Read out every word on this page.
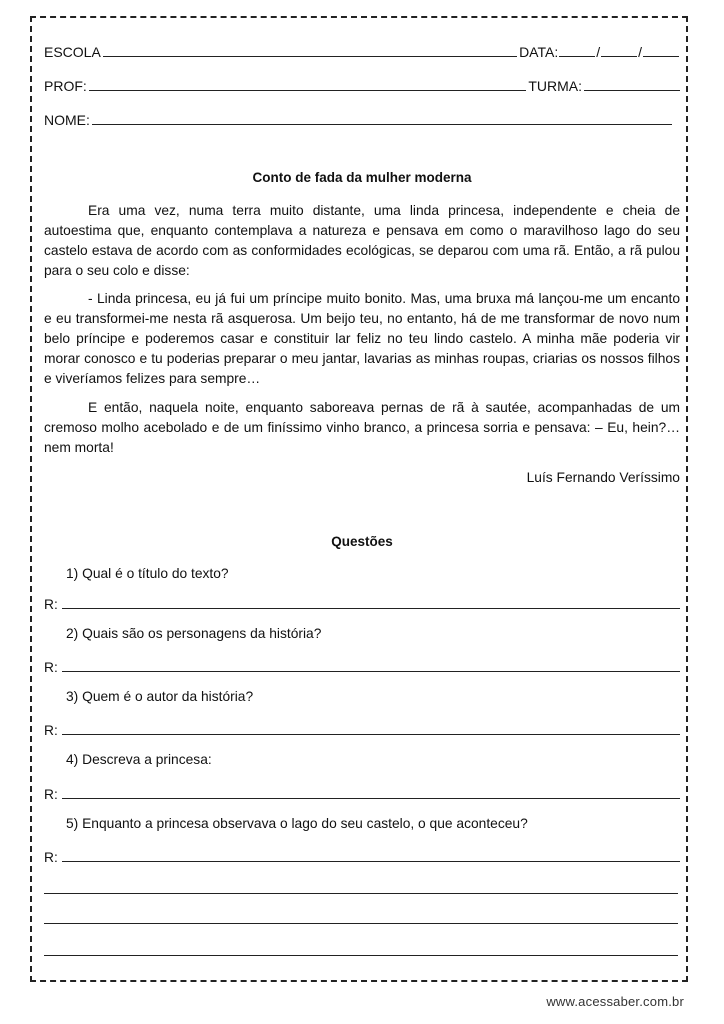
ESCOLA	DATA:	/	/
PROF:	TURMA:
NOME:
Conto de fada da mulher moderna

Era uma vez, numa terra muito distante, uma linda princesa, independente e cheia de autoestima que, enquanto contemplava a natureza e pensava em como o maravilhoso lago do seu castelo estava de acordo com as conformidades ecológicas, se deparou com uma rã. Então, a rã pulou para o seu colo e disse:

- Linda princesa, eu já fui um príncipe muito bonito. Mas, uma bruxa má lançou-me um encanto e eu transformei-me nesta rã asquerosa. Um beijo teu, no entanto, há de me transformar de novo num belo príncipe e poderemos casar e constituir lar feliz no teu lindo castelo. A minha mãe poderia vir morar conosco e tu poderias preparar o meu jantar, lavarias as minhas roupas, criarias os nossos filhos e viveríamos felizes para sempre…

E então, naquela noite, enquanto saboreava pernas de rã à sautée, acompanhadas de um cremoso molho acebolado e de um finíssimo vinho branco, a princesa sorria e pensava: – Eu, hein?… nem morta!

Luís Fernando Veríssimo
Questões
1) Qual é o título do texto?
R:
2) Quais são os personagens da história?
R:
3) Quem é o autor da história?
R:
4) Descreva a princesa:
R:
5) Enquanto a princesa observava o lago do seu castelo, o que aconteceu?
R:
www.acessaber.com.br
